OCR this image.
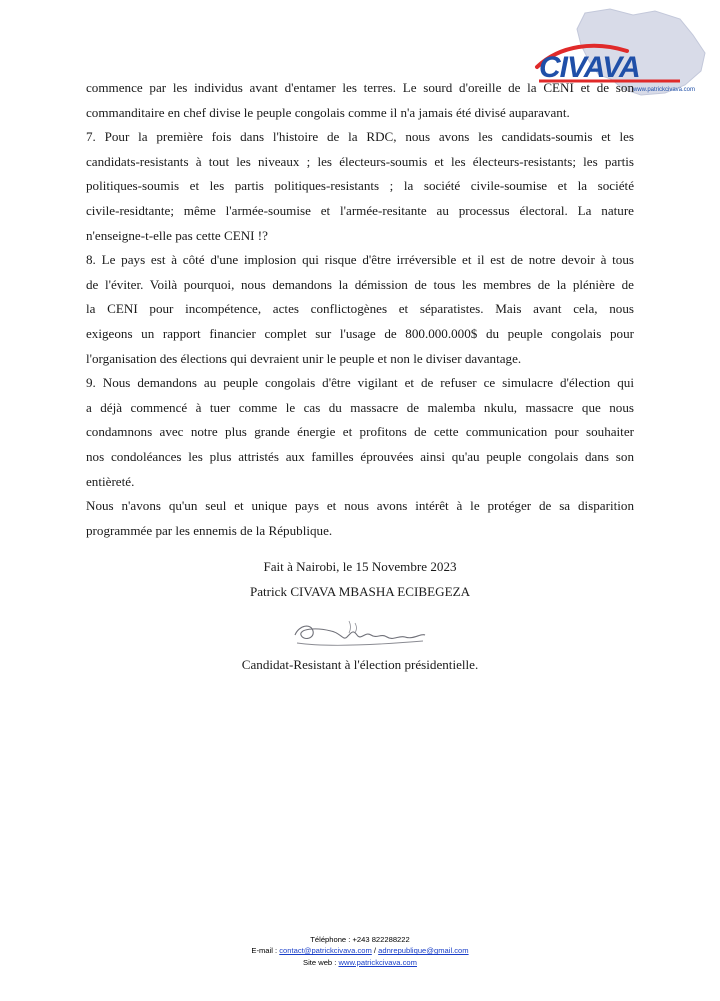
CIVAVA
www.patrickcivava.com
commence par les individus avant d'entamer les terres. Le sourd d'oreille de la CENI et de son
commanditaire en chef divise le peuple congolais comme il n'a jamais été divisé auparavant.
7. Pour la première fois dans l'histoire de la RDC, nous avons les candidats-soumis et les
candidats-resistants à tout les niveaux ; les électeurs-soumis et les électeurs-resistants; les partis
politiques-soumis et les partis politiques-resistants ; la société civile-soumise et la société
civile-residtante; même l'armée-soumise et l'armée-resitante au processus électoral. La nature
n'enseigne-t-elle pas cette CENI !?
8. Le pays est à côté d'une implosion qui risque d'être irréversible et il est de notre devoir à tous
de l'éviter. Voilà pourquoi, nous demandons la démission de tous les membres de la plénière de
la CENI pour incompétence, actes conflictogènes et séparatistes. Mais avant cela, nous
exigeons un rapport financier complet sur l'usage de 800.000.000$ du peuple congolais pour
l'organisation des élections qui devraient unir le peuple et non le diviser davantage.
9. Nous demandons au peuple congolais d'être vigilant et de refuser ce simulacre d'élection qui
a déjà commencé à tuer comme le cas du massacre de malemba nkulu, massacre que nous
condamnons avec notre plus grande énergie et profitons de cette communication pour souhaiter
nos condoléances les plus attristés aux familles éprouvées ainsi qu'au peuple congolais dans son
entièreté.
Nous n'avons qu'un seul et unique pays et nous avons intérêt à le protéger de sa disparition
programmée par les ennemis de la République.
Fait à Nairobi, le 15 Novembre 2023
Patrick CIVAVA MBASHA ECIBEGEZA
Candidat-Resistant à l'élection présidentielle.
Téléphone : +243 822288222
E-mail : contact@patrickcivava.com / adnrepublique@gmail.com
Site web : www.patrickcivava.com
